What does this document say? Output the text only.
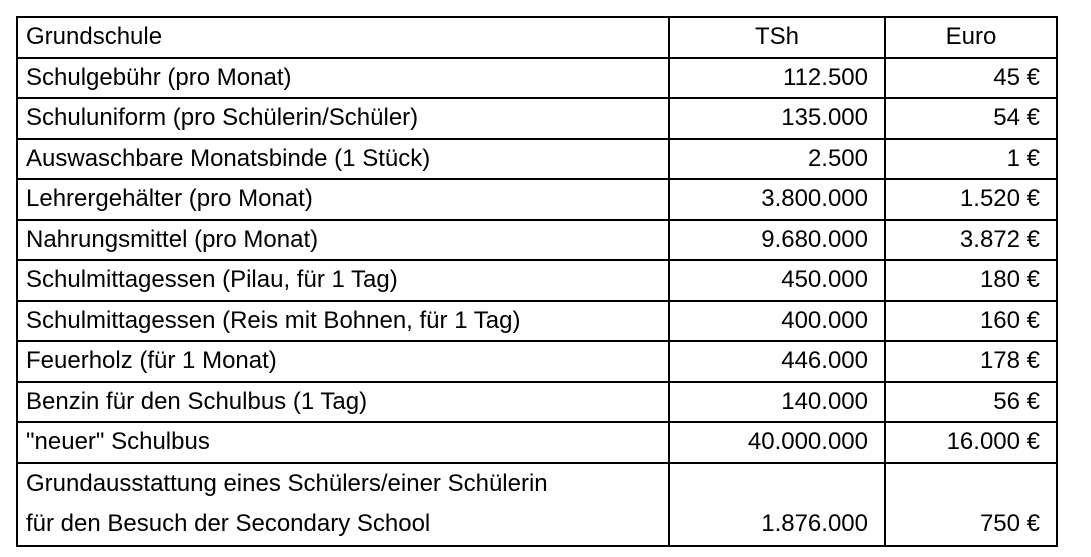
Grundschule	TSh	Euro
Schulgebühr (pro Monat)	112.500	45 €
Schuluniform (pro Schülerin/Schüler)	135.000	54 €
Auswaschbare Monatsbinde (1 Stück)	2.500	1 €
Lehrergehälter (pro Monat)	3.800.000	1.520 €
Nahrungsmittel (pro Monat)	9.680.000	3.872 €
Schulmittagessen (Pilau, für 1 Tag)	450.000	180 €
Schulmittagessen (Reis mit Bohnen, für 1 Tag)	400.000	160 €
Feuerholz (für 1 Monat)	446.000	178 €
Benzin für den Schulbus (1 Tag)	140.000	56 €
"neuer" Schulbus	40.000.000	16.000 €

Grundausstattung eines Schülers/einer Schülerin
für den Besuch der Secondary School	1.876.000	750 €
